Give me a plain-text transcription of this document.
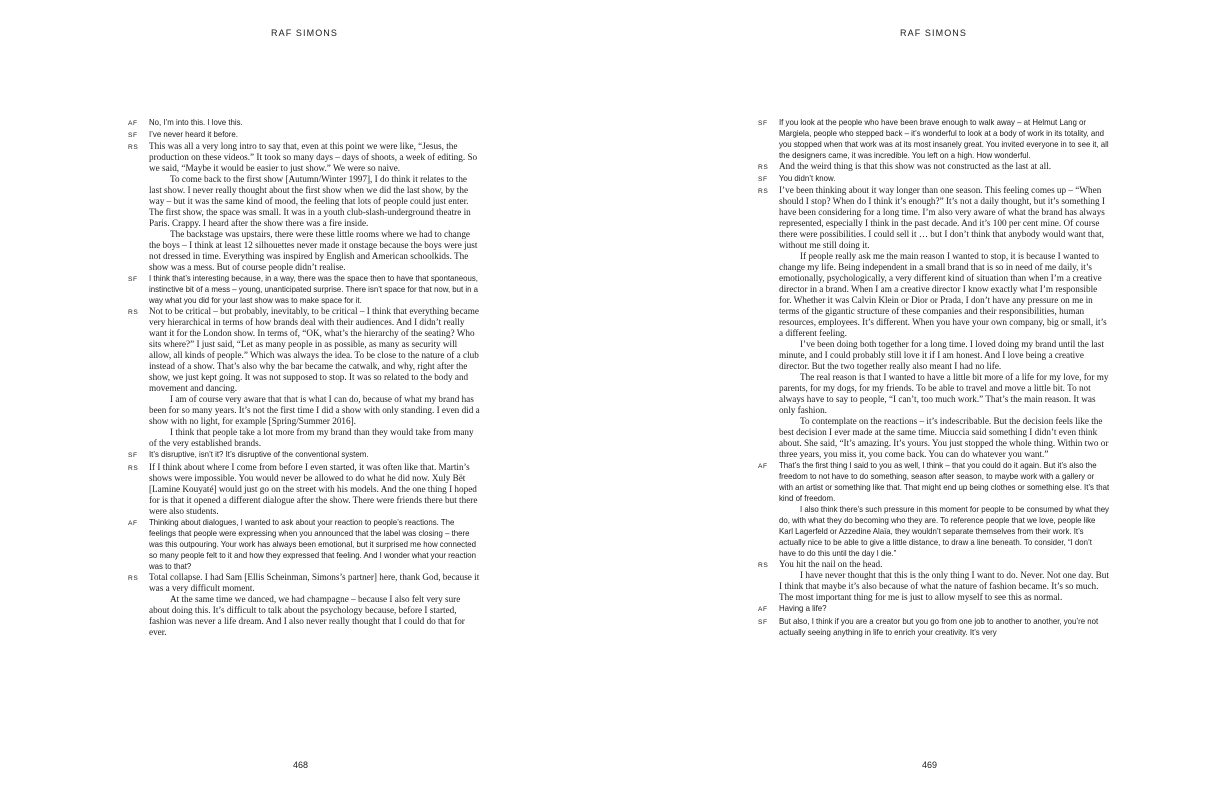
RAF SIMONS
AF	No, I’m into this. I love this.

SF	I’ve never heard it before.

RS	This was all a very long intro to say that, even at this point we were like, “Jesus, the production on these videos.” It took so many days – days of shoots, a week of editing. So we said, “Maybe it would be easier to just show.” We were so naive.

To come back to the first show [Autumn/Winter 1997], I do think it relates to the last show. I never really thought about the first show when we did the last show, by the way – but it was the same kind of mood, the feeling that lots of people could just enter. The first show, the space was small. It was in a youth club-slash-underground theatre in Paris. Crappy. I heard after the show there was a fire inside.

The backstage was upstairs, there were these little rooms where we had to change the boys – I think at least 12 silhouettes never made it onstage because the boys were just not dressed in time. Everything was inspired by English and American schoolkids. The show was a mess. But of course people didn’t realise.

SF	I think that’s interesting because, in a way, there was the space then to have that spontaneous, instinctive bit of a mess – young, unanticipated surprise. There isn’t space for that now, but in a way what you did for your last show was to make space for it.

RS	Not to be critical – but probably, inevitably, to be critical – I think that everything became very hierarchical in terms of how brands deal with their audiences. And I didn’t really want it for the London show. In terms of, “OK, what’s the hierarchy of the seating? Who sits where?” I just said, “Let as many people in as possible, as many as security will allow, all kinds of people.” Which was always the idea. To be close to the nature of a club instead of a show. That’s also why the bar became the catwalk, and why, right after the show, we just kept going. It was not supposed to stop. It was so related to the body and movement and dancing.

I am of course very aware that that is what I can do, because of what my brand has been for so many years. It’s not the first time I did a show with only standing. I even did a show with no light, for example [Spring/Summer 2016].

I think that people take a lot more from my brand than they would take from many of the very established brands.

SF	It’s disruptive, isn’t it? It’s disruptive of the conventional system.

RS	If I think about where I come from before I even started, it was often like that. Martin’s shows were impossible. You would never be allowed to do what he did now. Xuly Bët [Lamine Kouyaté] would just go on the street with his models. And the one thing I hoped for is that it opened a different dialogue after the show. There were friends there but there were also students.

AF	Thinking about dialogues, I wanted to ask about your reaction to people’s reactions. The feelings that people were expressing when you announced that the label was closing – there was this outpouring. Your work has always been emotional, but it surprised me how connected so many people felt to it and how they expressed that feeling. And I wonder what your reaction was to that?

RS	Total collapse. I had Sam [Ellis Scheinman, Simons’s partner] here, thank God, because it was a very difficult moment.

At the same time we danced, we had champagne – because I also felt very sure about doing this. It’s difficult to talk about the psychology because, before I started, fashion was never a life dream. And I also never really thought that I could do that for ever.

468
RAF SIMONS
SF	If you look at the people who have been brave enough to walk away – at Helmut Lang or Margiela, people who stepped back – it’s wonderful to look at a body of work in its totality, and you stopped when that work was at its most insanely great. You invited everyone in to see it, all the designers came, it was incredible. You left on a high. How wonderful.

RS	And the weird thing is that this show was not constructed as the last at all.

SF	You didn’t know.

RS	I’ve been thinking about it way longer than one season. This feeling comes up – “When should I stop? When do I think it’s enough?” It’s not a daily thought, but it’s something I have been considering for a long time. I’m also very aware of what the brand has always represented, especially I think in the past decade. And it’s 100 per cent mine. Of course there were possibilities. I could sell it … but I don’t think that anybody would want that, without me still doing it.

If people really ask me the main reason I wanted to stop, it is because I wanted to change my life. Being independent in a small brand that is so in need of me daily, it’s emotionally, psychologically, a very different kind of situation than when I’m a creative director in a brand. When I am a creative director I know exactly what I’m responsible for. Whether it was Calvin Klein or Dior or Prada, I don’t have any pressure on me in terms of the gigantic structure of these companies and their responsibilities, human resources, employees. It’s different. When you have your own company, big or small, it’s a different feeling.

I’ve been doing both together for a long time. I loved doing my brand until the last minute, and I could probably still love it if I am honest. And I love being a creative director. But the two together really also meant I had no life.

The real reason is that I wanted to have a little bit more of a life for my love, for my parents, for my dogs, for my friends. To be able to travel and move a little bit. To not always have to say to people, “I can’t, too much work.” That’s the main reason. It was only fashion.

To contemplate on the reactions – it’s indescribable. But the decision feels like the best decision I ever made at the same time. Miuccia said something I didn’t even think about. She said, “It’s amazing. It’s yours. You just stopped the whole thing. Within two or three years, you miss it, you come back. You can do whatever you want.”

AF	That’s the first thing I said to you as well, I think – that you could do it again. But it’s also the freedom to not have to do something, season after season, to maybe work with a gallery or with an artist or something like that. That might end up being clothes or something else. It’s that kind of freedom.

I also think there’s such pressure in this moment for people to be consumed by what they do, with what they do becoming who they are. To reference people that we love, people like Karl Lagerfeld or Azzedine Alaïa, they wouldn’t separate themselves from their work. It’s actually nice to be able to give a little distance, to draw a line beneath. To consider, “I don’t have to do this until the day I die.”

RS	You hit the nail on the head.

I have never thought that this is the only thing I want to do. Never. Not one day. But I think that maybe it’s also because of what the nature of fashion became. It’s so much. The most important thing for me is just to allow myself to see this as normal.

AF	Having a life?

SF	But also, I think if you are a creator but you go from one job to another to another, you’re not actually seeing anything in life to enrich your creativity. It’s very

469
